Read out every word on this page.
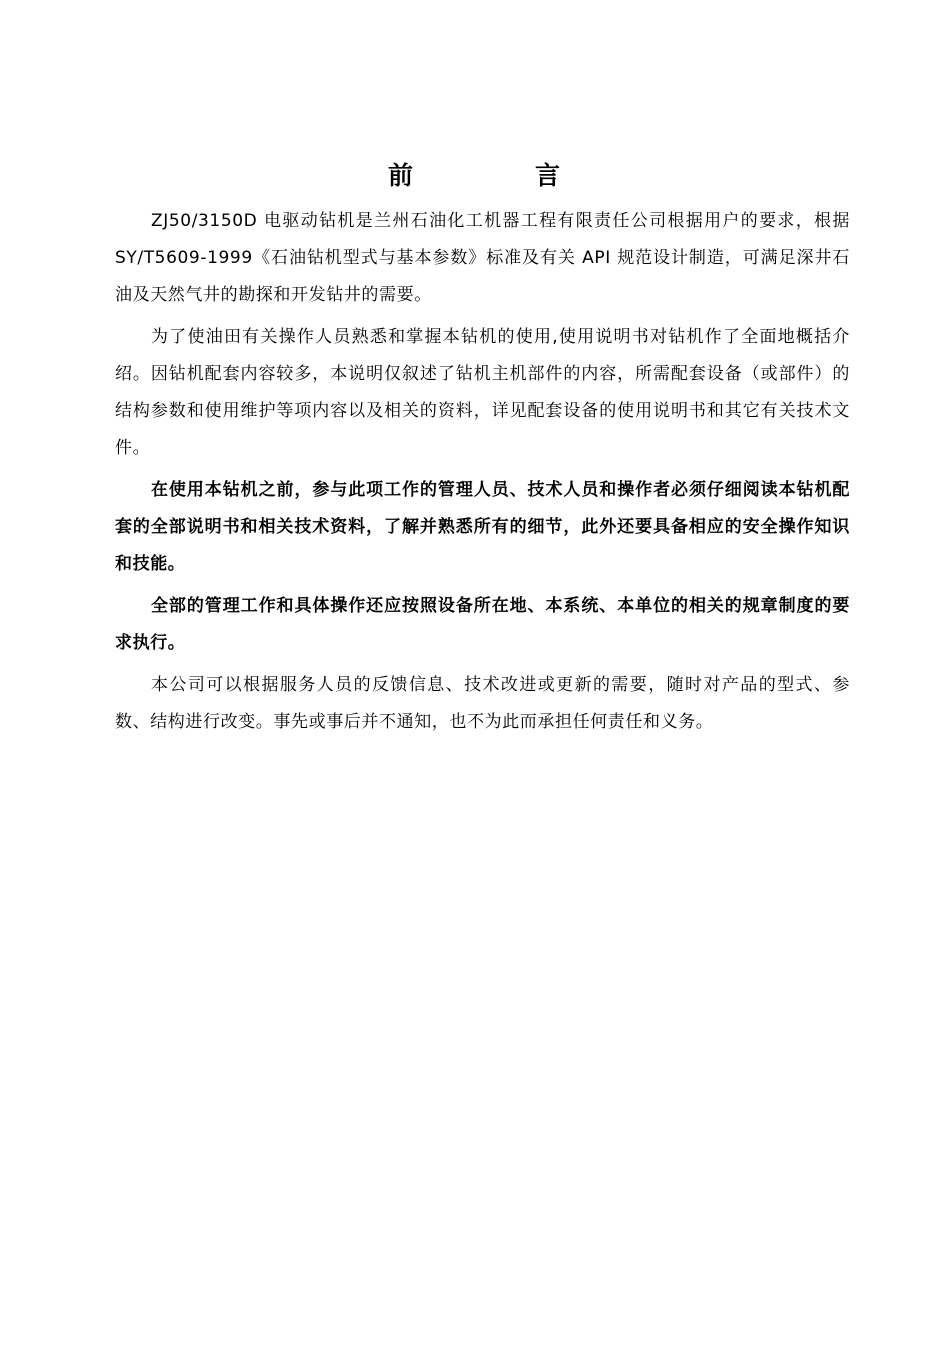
前	言

ZJ50/3150D 电驱动钻机是兰州石油化工机器工程有限责任公司根据用户的要求，根据 SY/T5609-1999《石油钻机型式与基本参数》标准及有关 API 规范设计制造，可满足深井石油及天然气井的勘探和开发钻井的需要。

为了使油田有关操作人员熟悉和掌握本钻机的使用,使用说明书对钻机作了全面地概括介绍。因钻机配套内容较多，本说明仅叙述了钻机主机部件的内容，所需配套设备（或部件）的结构参数和使用维护等项内容以及相关的资料，详见配套设备的使用说明书和其它有关技术文件。

在使用本钻机之前，参与此项工作的管理人员、技术人员和操作者必须仔细阅读本钻机配套的全部说明书和相关技术资料，了解并熟悉所有的细节，此外还要具备相应的安全操作知识和技能。

全部的管理工作和具体操作还应按照设备所在地、本系统、本单位的相关的规章制度的要求执行。

本公司可以根据服务人员的反馈信息、技术改进或更新的需要，随时对产品的型式、参数、结构进行改变。事先或事后并不通知，也不为此而承担任何责任和义务。
